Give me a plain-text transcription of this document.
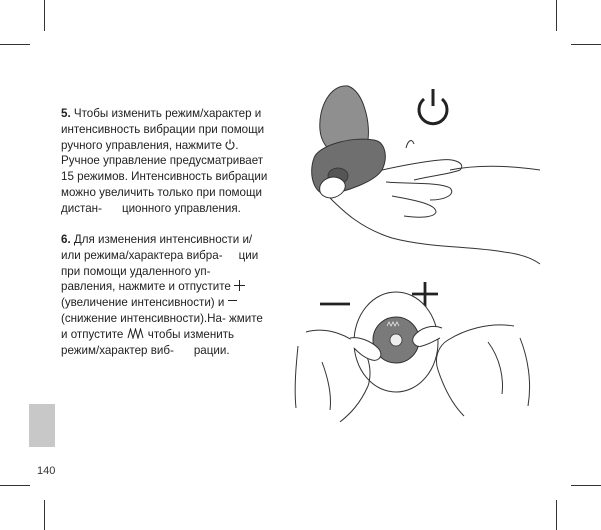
5. Чтобы изменить режим/характер и
интенсивность вибрации при помощи
ручного управления, нажмите .
Ручное управление предусматривает
15 режимов. Интенсивность вибрации
можно увеличить только при помощи
дистан- ционного управления.
6. Для изменения интенсивности и/
или режима/характера вибра- ции
при помощи удаленного уп-
равления, нажмите и отпустите
(увеличение интенсивности) и
(снижение интенсивности).На- жмите
и отпустите  чтобы изменить
режим/характер виб- рации.
140
